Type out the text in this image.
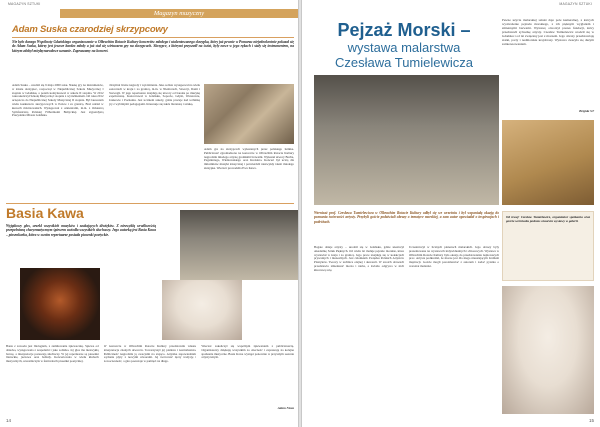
MAGAZYN SZTUKI
Magazyn muzyczny
Adam Suska czarodziej skrzypcowy
Nie było danego Wspólnoty Gdańskiego organizowanie w Olbrachim Rotacie Kultury koncertów młodego i utalentowanego skrzypka, który już pewnie w Pomorzu niejednokrotnie pokazał się do Adam Suska, którzy jest jeszcze bardzo młody a już stał się wirtuozem gry na skrzypcach. Skrzypce, z którymi przyszedł na świat, były nowe w jego rękach i stały się instrumentem, na którym zdobył międzynarodowe uznanie. Zapraszamy na koncert.
Adam Suska – urodził się 9 maja 2000 roku. Naukę gry na instrumencie, w klasie skrzypiec, rozpoczął w Niepublicznej Szkole Muzycznej I stopnia w Gdańsku, a potem kontynuował w szkole II stopnia. W 2012 roku ukończył Szkołę Muzyczną I stopnia z wyróżnieniem. Od roku 2012 uczęszcza do Niepublicznej Szkoły Muzycznej II stopnia. Był laureatem wielu konkursów skrzypcowych w Polsce i za granicą. Brał udział w kursach mistrzowskich. Występował z orkiestrami, m.in. z Orkiestrą Symfoniczną Polskiej Filharmonii Bałtyckiej. Jest stypendystą Prezydenta Miasta Gdańska.
Otrzymał liczne nagrody i wyróżnienia. Jako solista występował na wielu koncertach w kraju i za granicą, m.in. w Niemczech, Szwecji, Danii i Norwegii. W jego repertuarze znajdują się utwory od baroku po muzykę współczesną. Koncertował w Gdańsku, Sopocie, Gdyni, Warszawie, Krakowie i Poznaniu. Jest uczniem szkoły, gdzie pracuje nad techniką gry z wybitnymi pedagogami. Interesuje się także literaturą i sztuką.
Adam gra na skrzypcach wykonanych przez polskiego lutnika. Publiczność zgromadzona na koncercie w Olbrachim Rotacie Kultury nagrodziła młodego artystę gromkimi brawami. Wykonał utwory Bacha, Paganiniego, Wieniawskiego oraz Kreislera. Koncert był ucztą dla miłośników muzyki klasycznej i potwierdził niezwykły talent młodego skrzypka. Wieczór prowadziła Ewa Kawa.
Basia Kawa
Wyjątkowy głos, urzekł wszystkich muzyków i szukających dźwięków. Z niezwykłą wrażliwością przepełnioną charyzmatycznym śpiewem uwiodła wszystkich słuchaczy. Jego autorką jest Basia Kawa – piosenkarka, która w swoim repertuarze posiada piosenki poetyckie.
Basia z zawodu jest filologiem, z zamiłowania śpiewaczką. Śpiewa od dziecka, występowała z zespołami i jako solistka. Jej głos ma niezwykłą barwę, a interpretacje poruszają słuchaczy. W jej repertuarze są piosenki literackie, jazzowe oraz ballady. Koncertowała w wielu klubach muzycznych, uczestniczyła w festiwalach piosenki poetyckiej.
W koncercie w Olbrachim Rotacie Kultury przedstawiła własne interpretacje znanych utworów. Towarzyszył jej pianista i kontrabasista. Publiczność nagrodziła ją owacjami na stojąco. Artystka zapowiedziała wydanie płyty z nowymi utworami. Jej twórczość łączy tradycję i nowoczesność, a głos pozostaje w pamięci na długo.
Wieczór zakończył się wspólnym śpiewaniem z publicznością. Organizatorzy dziękują wszystkim za obecność i zapraszają na kolejne spotkania muzyczne. Basia Kawa wystąpi ponownie w przyszłym sezonie artystycznym.
Adam Nisza
14
MAGAZYN SZTUKI
Pejzaż Morski –
wystawa malarstwa
Czesława Tumielewicza
Pewne użycie malarskiej sztuki daje pole kameralnej, z których wyobrażenie pejzażu morskiego, z ich pięknym wygladem i zmiennymi barwami. Wystawę otworzył prezes fundacji, który przedstawił sylwetkę artysty. Czesław Tumielewicz urodził się w Gdańsku i od lat związany jest z morzem. Jego obrazy przedstawiają statki, porty i nadmorskie krajobrazy. Wystawa cieszyła się dużym zainteresowaniem.
Brigida ST
Wernisaż prof. Czesława Tumielewicza w Olbrachim Rotacie Kultury odbył się we wrześniu i był wspaniałą okazją do poznania twórczości artysty. Przybyli goście podziwiali obrazy o tematyce morskiej, a sam autor opowiadał o inspiracjach i podróżach.
Bogate dzieje artysty – urodził się w Gdańsku, gdzie ukończył Akademię Sztuk Pięknych. Od wielu lat maluje pejzaże morskie, które wystawiał w kraju i za granicą. Jego prace znajdują się w kolekcjach prywatnych i muzealnych. Jest członkiem Związku Polskich Artystów Plastyków. Tworzy w technice olejnej i akwareli. W swoich obrazach przedstawia zmienność morza i nieba, a światło odgrywa w nich kluczową rolę.
Uczestniczył w licznych plenerach malarskich. Jego obrazy były prezentowane na wystawach indywidualnych i zbiorowych. Wystawa w Olbrachim Rotacie Kultury była okazją do przedstawienia najnowszych prac. Artysta podkreślał, że morze jest dla niego nieustającym źródłem inspiracji. Goście mogli porozmawiać z autorem i zadać pytania o warsztat malarski.
Od lewej: Czesław Tumielewicz, organizator spotkania oraz goście wernisażu podczas otwarcia wystawy w galerii.
15
